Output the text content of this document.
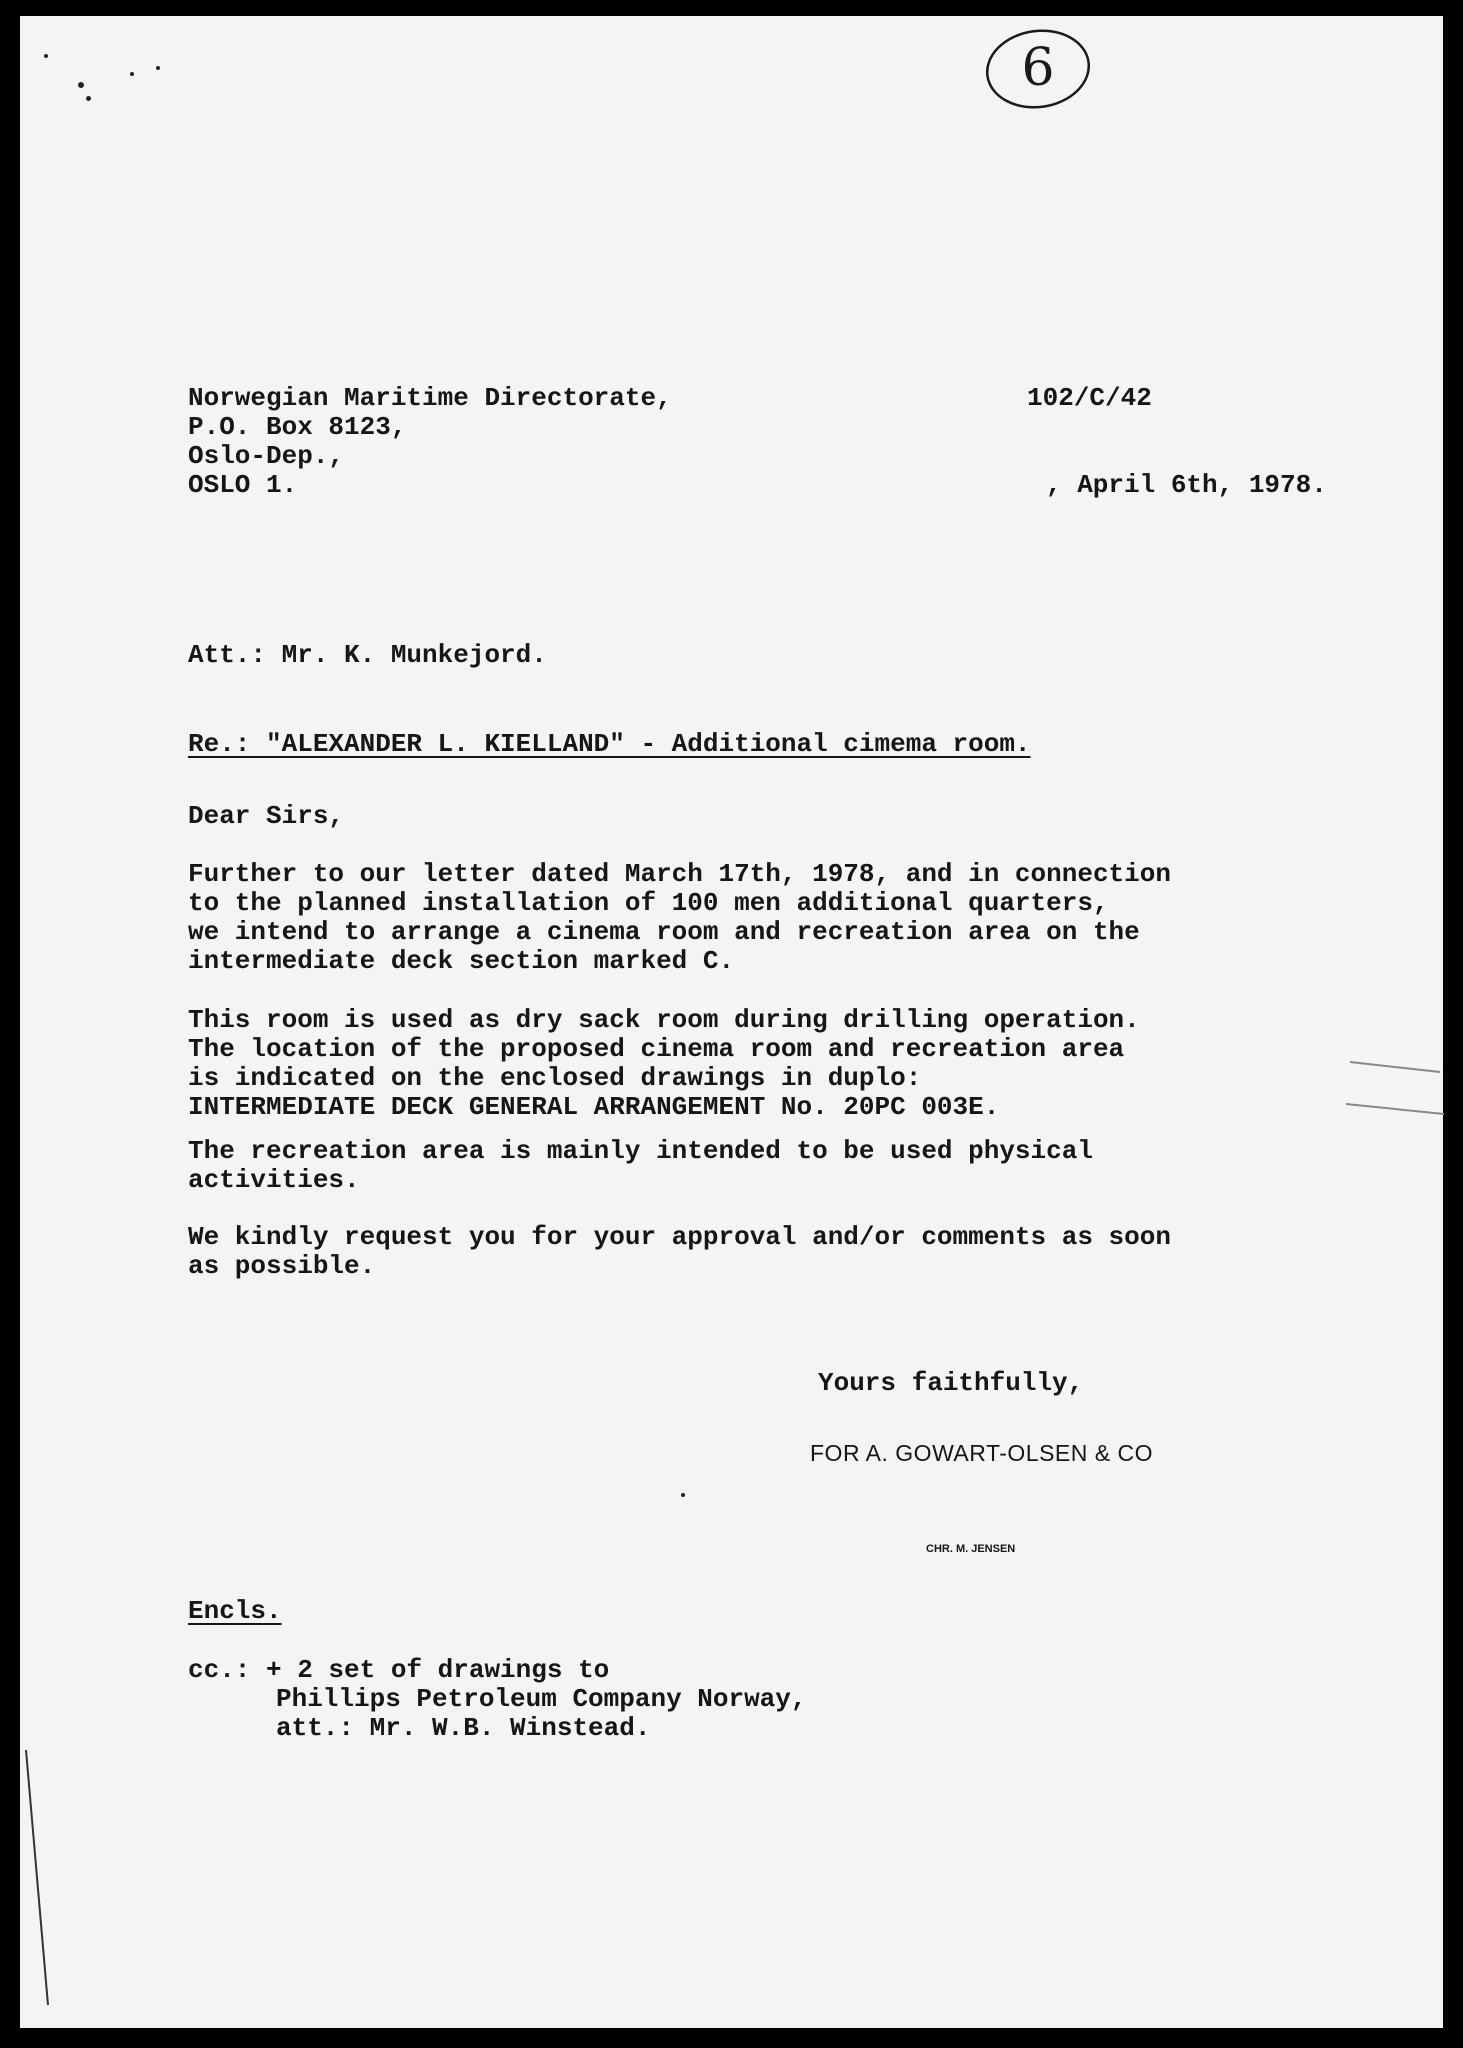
6
Norwegian Maritime Directorate,
P.O. Box 8123,
Oslo-Dep.,
OSLO 1.
102/C/42
, April 6th, 1978.
Att.: Mr. K. Munkejord.
Re.: "ALEXANDER L. KIELLAND" - Additional cimema room.
Dear Sirs,
Further to our letter dated March 17th, 1978, and in connection
to the planned installation of 100 men additional quarters,
we intend to arrange a cinema room and recreation area on the
intermediate deck section marked C.
This room is used as dry sack room during drilling operation.
The location of the proposed cinema room and recreation area
is indicated on the enclosed drawings in duplo:
INTERMEDIATE DECK GENERAL ARRANGEMENT No. 20PC 003E.
The recreation area is mainly intended to be used physical
activities.
We kindly request you for your approval and/or comments as soon
as possible.
Yours faithfully,
FOR A. GOWART-OLSEN & CO
CHR. M. JENSEN
Encls.
cc.: + 2 set of drawings to
Phillips Petroleum Company Norway,
att.: Mr. W.B. Winstead.
